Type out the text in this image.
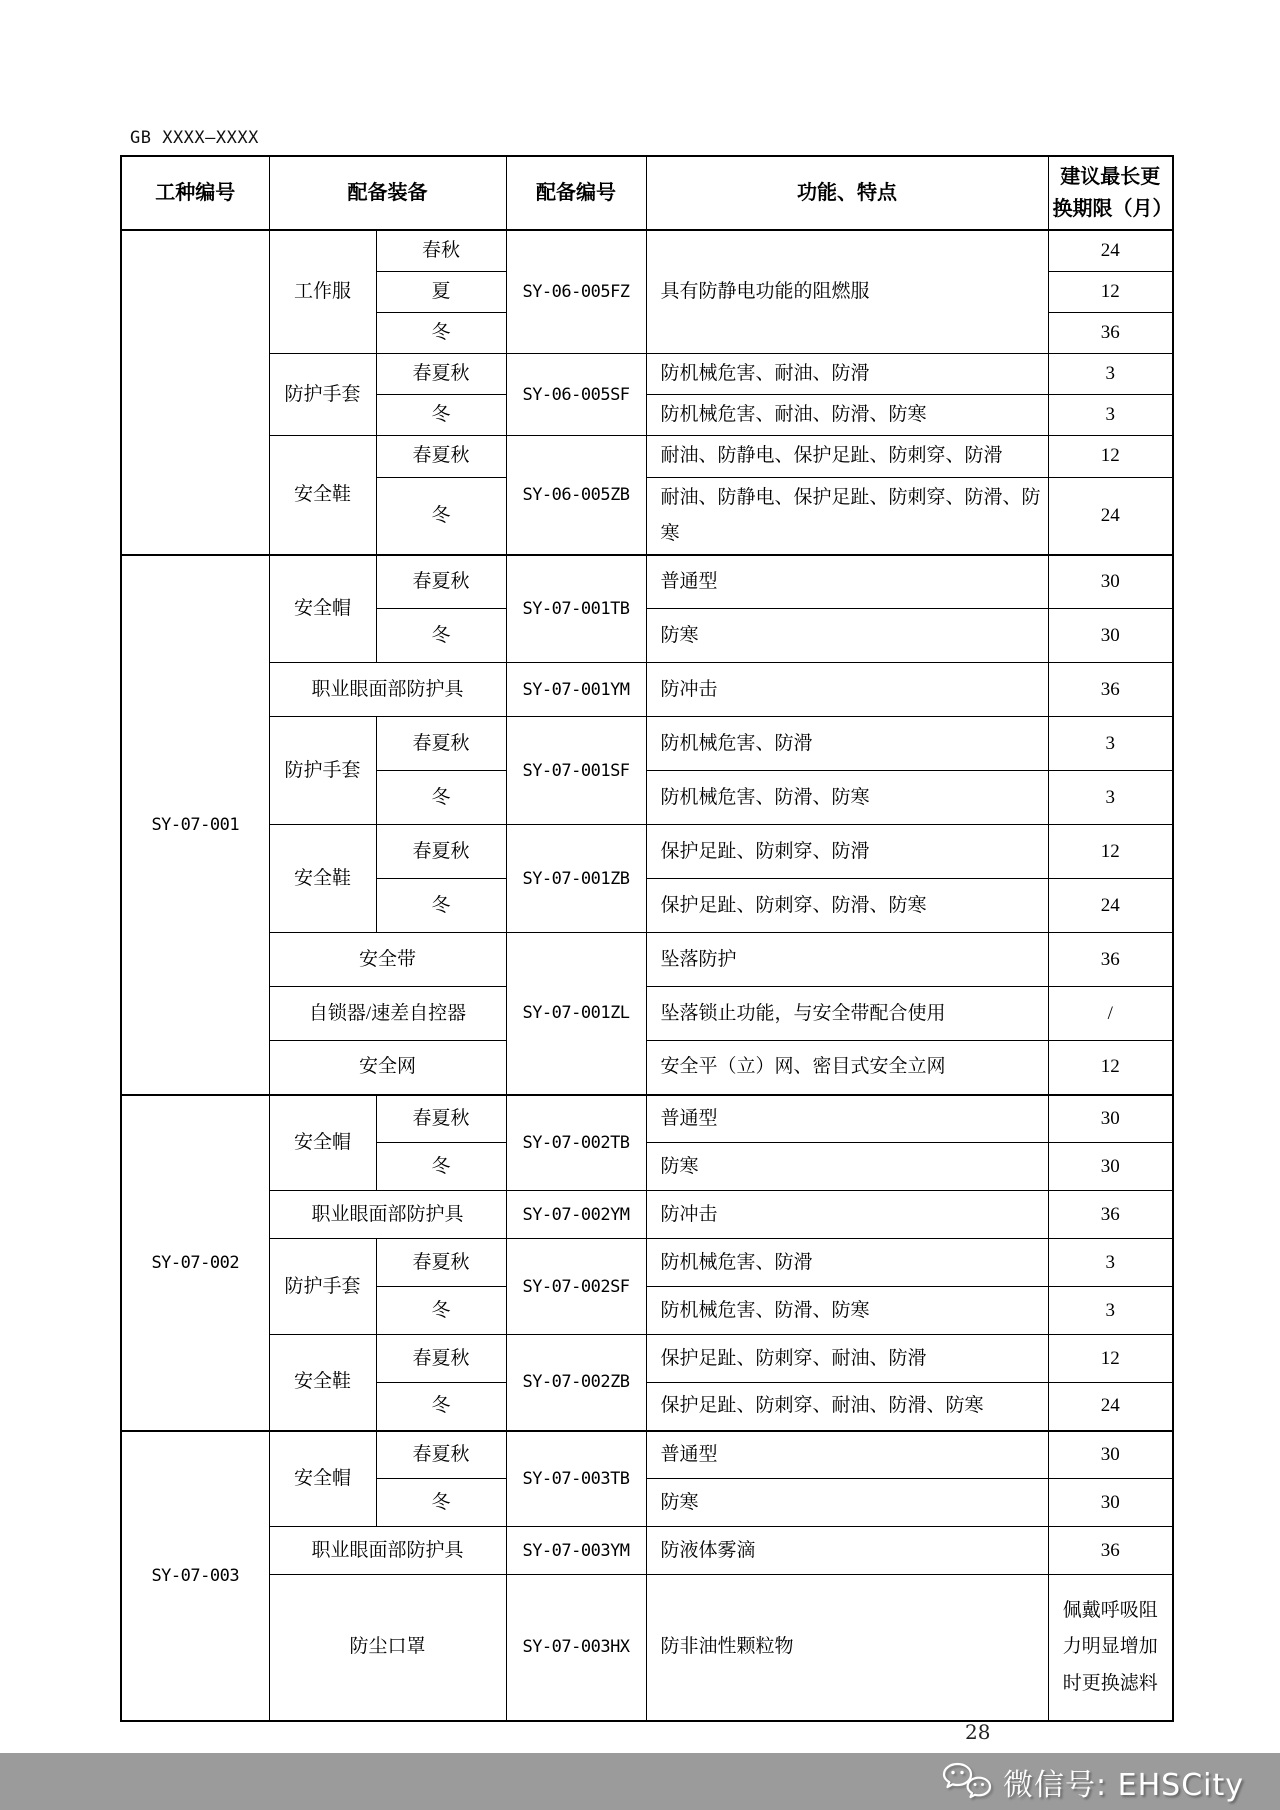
GB XXXX—XXXX
工种编号	配备装备		配备编号	功能、特点	建议最长更换期限（月）
	工作服	春秋	SY-06-005FZ	具有防静电功能的阻燃服	24
		夏			12
		冬			36
	防护手套	春夏秋	SY-06-005SF	防机械危害、耐油、防滑	3
		冬		防机械危害、耐油、防滑、防寒	3
	安全鞋	春夏秋	SY-06-005ZB	耐油、防静电、保护足趾、防刺穿、防滑	12
		冬		耐油、防静电、保护足趾、防刺穿、防滑、防寒	24
SY-07-001	安全帽	春夏秋	SY-07-001TB	普通型	30
		冬		防寒	30
	职业眼面部防护具		SY-07-001YM	防冲击	36
	防护手套	春夏秋	SY-07-001SF	防机械危害、防滑	3
		冬		防机械危害、防滑、防寒	3
	安全鞋	春夏秋	SY-07-001ZB	保护足趾、防刺穿、防滑	12
		冬		保护足趾、防刺穿、防滑、防寒	24
	安全带		SY-07-001ZL	坠落防护	36
	自锁器/速差自控器			坠落锁止功能，与安全带配合使用	/
	安全网			安全平（立）网、密目式安全立网	12
SY-07-002	安全帽	春夏秋	SY-07-002TB	普通型	30
		冬		防寒	30
	职业眼面部防护具		SY-07-002YM	防冲击	36
	防护手套	春夏秋	SY-07-002SF	防机械危害、防滑	3
		冬		防机械危害、防滑、防寒	3
	安全鞋	春夏秋	SY-07-002ZB	保护足趾、防刺穿、耐油、防滑	12
		冬		保护足趾、防刺穿、耐油、防滑、防寒	24
SY-07-003	安全帽	春夏秋	SY-07-003TB	普通型	30
		冬		防寒	30
	职业眼面部防护具		SY-07-003YM	防液体雾滴	36
	防尘口罩		SY-07-003HX	防非油性颗粒物	佩戴呼吸阻力明显增加时更换滤料
28
微信号: EHSCity
